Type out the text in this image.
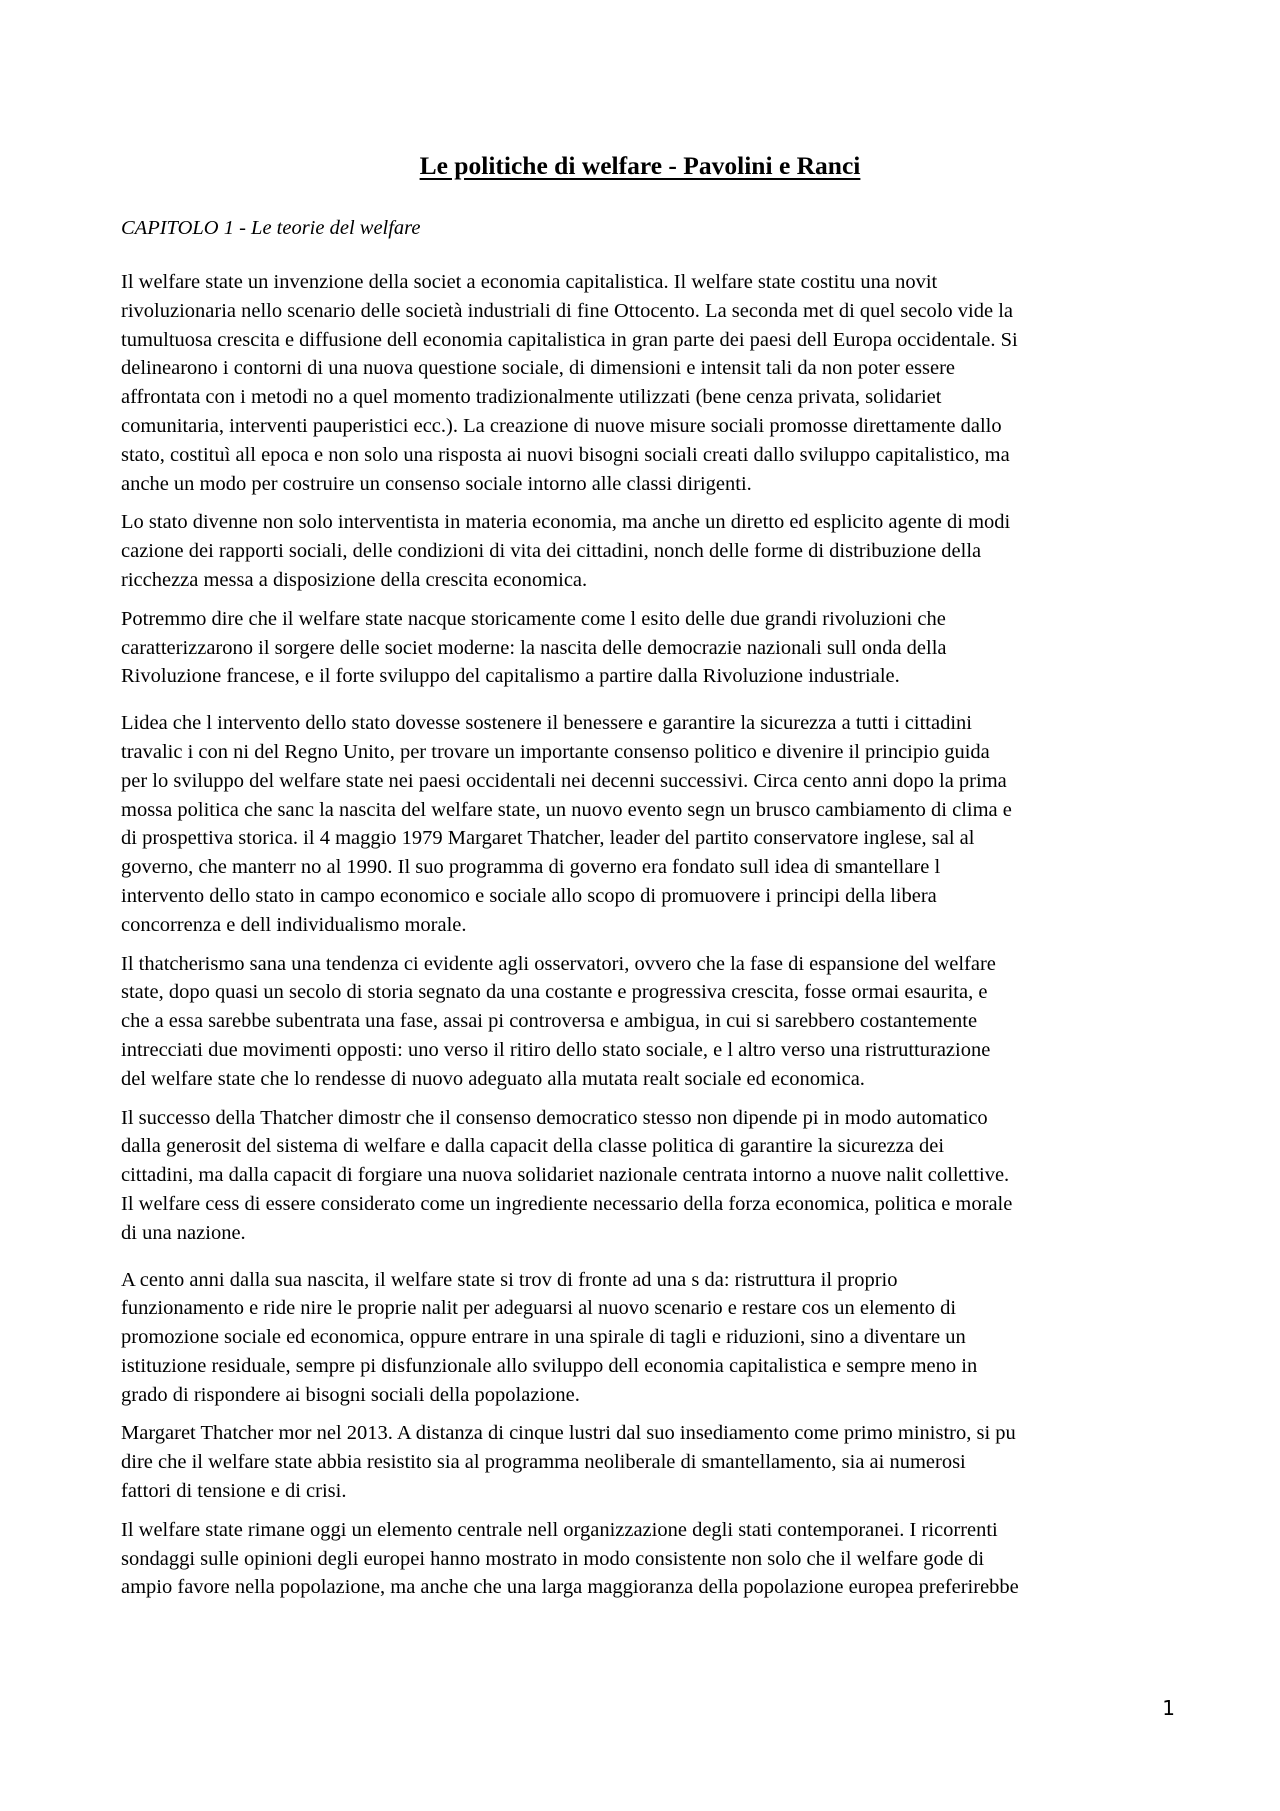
Le politiche di welfare - Pavolini e Ranci
CAPITOLO 1 - Le teorie del welfare

Il welfare state un invenzione della societ a economia capitalistica. Il welfare state costitu una novit
rivoluzionaria nello scenario delle società industriali di fine Ottocento. La seconda met di quel secolo vide la
tumultuosa crescita e diffusione dell economia capitalistica in gran parte dei paesi dell Europa occidentale. Si
delinearono i contorni di una nuova questione sociale, di dimensioni e intensit tali da non poter essere
affrontata con i metodi no a quel momento tradizionalmente utilizzati (bene cenza privata, solidariet
comunitaria, interventi pauperistici ecc.). La creazione di nuove misure sociali promosse direttamente dallo
stato, costituì all epoca e non solo una risposta ai nuovi bisogni sociali creati dallo sviluppo capitalistico, ma
anche un modo per costruire un consenso sociale intorno alle classi dirigenti.

Lo stato divenne non solo interventista in materia economia, ma anche un diretto ed esplicito agente di modi
cazione dei rapporti sociali, delle condizioni di vita dei cittadini, nonch delle forme di distribuzione della
ricchezza messa a disposizione della crescita economica.

Potremmo dire che il welfare state nacque storicamente come l esito delle due grandi rivoluzioni che
caratterizzarono il sorgere delle societ moderne: la nascita delle democrazie nazionali sull onda della
Rivoluzione francese, e il forte sviluppo del capitalismo a partire dalla Rivoluzione industriale.

Lidea che l intervento dello stato dovesse sostenere il benessere e garantire la sicurezza a tutti i cittadini
travalic i con ni del Regno Unito, per trovare un importante consenso politico e divenire il principio guida
per lo sviluppo del welfare state nei paesi occidentali nei decenni successivi. Circa cento anni dopo la prima
mossa politica che sanc la nascita del welfare state, un nuovo evento segn un brusco cambiamento di clima e
di prospettiva storica. il 4 maggio 1979 Margaret Thatcher, leader del partito conservatore inglese, sal al
governo, che manterr no al 1990. Il suo programma di governo era fondato sull idea di smantellare l
intervento dello stato in campo economico e sociale allo scopo di promuovere i principi della libera
concorrenza e dell individualismo morale.

Il thatcherismo sana una tendenza ci evidente agli osservatori, ovvero che la fase di espansione del welfare
state, dopo quasi un secolo di storia segnato da una costante e progressiva crescita, fosse ormai esaurita, e
che a essa sarebbe subentrata una fase, assai pi controversa e ambigua, in cui si sarebbero costantemente
intrecciati due movimenti opposti: uno verso il ritiro dello stato sociale, e l altro verso una ristrutturazione
del welfare state che lo rendesse di nuovo adeguato alla mutata realt sociale ed economica.

Il successo della Thatcher dimostr che il consenso democratico stesso non dipende pi in modo automatico
dalla generosit del sistema di welfare e dalla capacit della classe politica di garantire la sicurezza dei
cittadini, ma dalla capacit di forgiare una nuova solidariet nazionale centrata intorno a nuove nalit collettive.
Il welfare cess di essere considerato come un ingrediente necessario della forza economica, politica e morale
di una nazione.

A cento anni dalla sua nascita, il welfare state si trov di fronte ad una s da: ristruttura il proprio
funzionamento e ride nire le proprie nalit per adeguarsi al nuovo scenario e restare cos un elemento di
promozione sociale ed economica, oppure entrare in una spirale di tagli e riduzioni, sino a diventare un
istituzione residuale, sempre pi disfunzionale allo sviluppo dell economia capitalistica e sempre meno in
grado di rispondere ai bisogni sociali della popolazione.

Margaret Thatcher mor nel 2013. A distanza di cinque lustri dal suo insediamento come primo ministro, si pu
dire che il welfare state abbia resistito sia al programma neoliberale di smantellamento, sia ai numerosi
fattori di tensione e di crisi.

Il welfare state rimane oggi un elemento centrale nell organizzazione degli stati contemporanei. I ricorrenti
sondaggi sulle opinioni degli europei hanno mostrato in modo consistente non solo che il welfare gode di
ampio favore nella popolazione, ma anche che una larga maggioranza della popolazione europea preferirebbe

1
